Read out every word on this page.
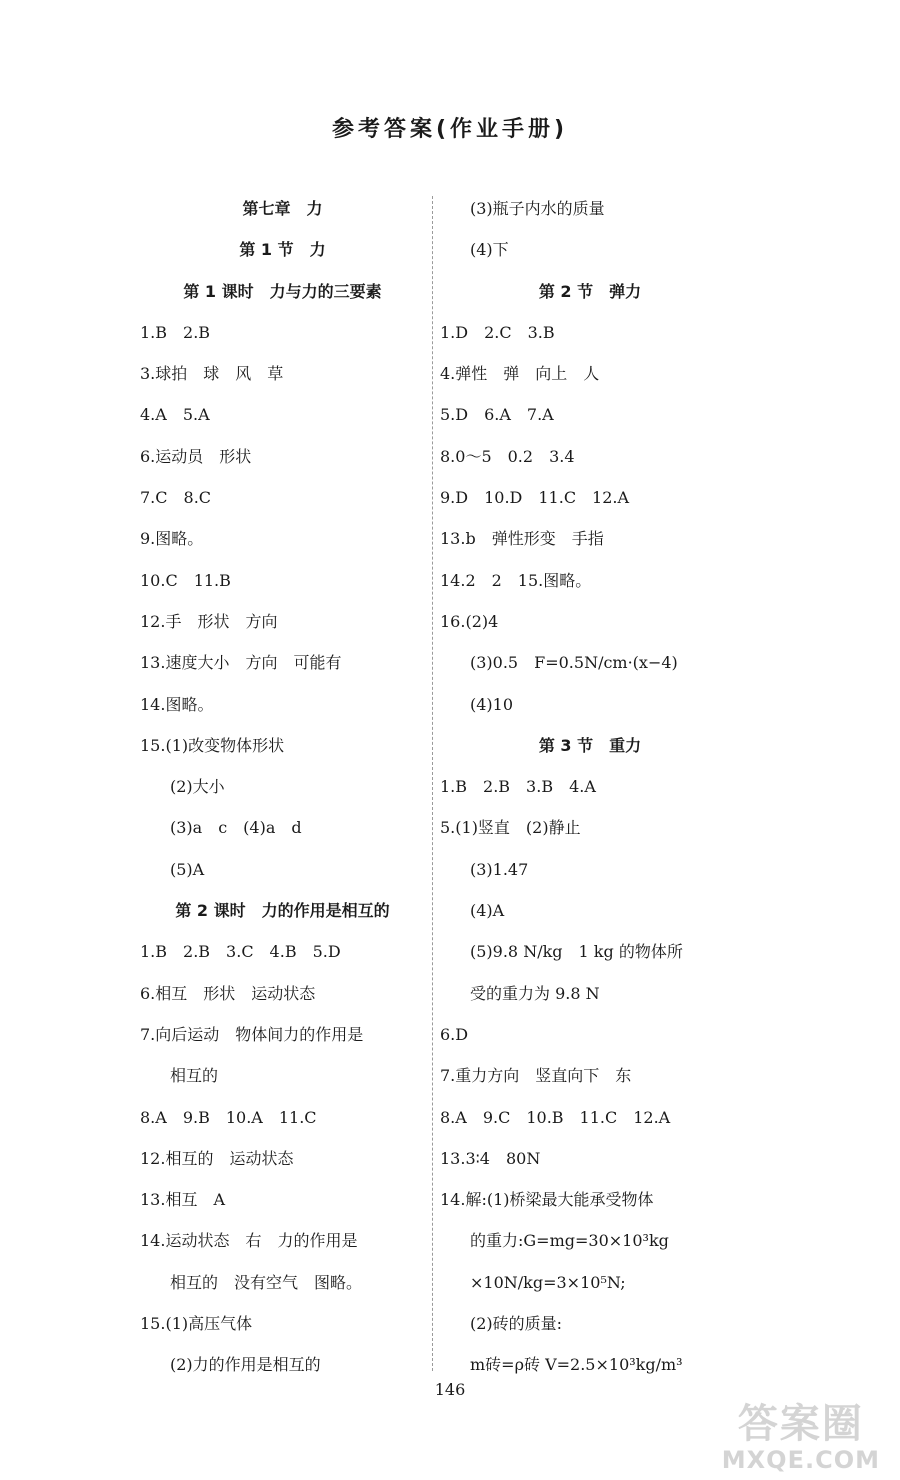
参考答案(作业手册)
第七章　力
第 1 节　力
第 1 课时　力与力的三要素
1.B　2.B
3.球拍　球　风　草
4.A　5.A
6.运动员　形状
7.C　8.C
9.图略。
10.C　11.B
12.手　形状　方向
13.速度大小　方向　可能有
14.图略。
15.(1)改变物体形状
(2)大小
(3)a　c　(4)a　d
(5)A
第 2 课时　力的作用是相互的
1.B　2.B　3.C　4.B　5.D
6.相互　形状　运动状态
7.向后运动　物体间力的作用是
相互的
8.A　9.B　10.A　11.C
12.相互的　运动状态
13.相互　A
14.运动状态　右　力的作用是
相互的　没有空气　图略。
15.(1)高压气体
(2)力的作用是相互的
(3)瓶子内水的质量
(4)下
第 2 节　弹力
1.D　2.C　3.B
4.弹性　弹　向上　人
5.D　6.A　7.A
8.0～5　0.2　3.4
9.D　10.D　11.C　12.A
13.b　弹性形变　手指
14.2　2　15.图略。
16.(2)4
(3)0.5　F=0.5N/cm·(x−4)
(4)10
第 3 节　重力
1.B　2.B　3.B　4.A
5.(1)竖直　(2)静止
(3)1.47
(4)A
(5)9.8 N/kg　1 kg 的物体所
受的重力为 9.8 N
6.D
7.重力方向　竖直向下　东
8.A　9.C　10.B　11.C　12.A
13.3∶4　80N
14.解:(1)桥梁最大能承受物体
的重力:G=mg=30×10³kg
×10N/kg=3×10⁵N;
(2)砖的质量:
m砖=ρ砖 V=2.5×10³kg/m³
146
答案圈
MXQE.COM
